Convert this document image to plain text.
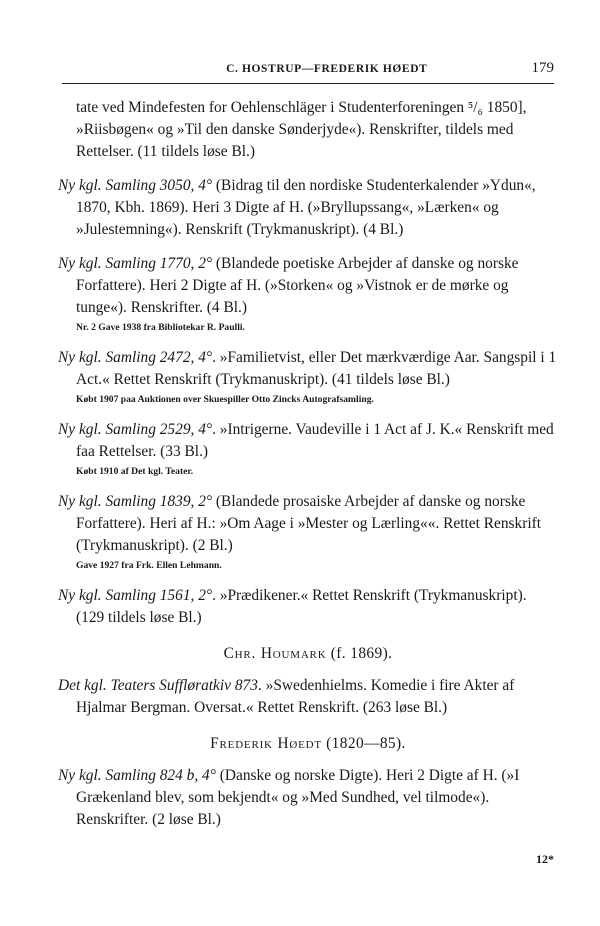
C. HOSTRUP—FREDERIK HØEDT	179

tate ved Mindefesten for Oehlenschläger i Studenterforeningen ⁵/₆ 1850], »Riisbøgen« og »Til den danske Sønderjyde«). Renskrifter, tildels med Rettelser. (11 tildels løse Bl.)

Ny kgl. Samling 3050, 4° (Bidrag til den nordiske Studenterkalender »Ydun«, 1870, Kbh. 1869). Heri 3 Digte af H. (»Bryllupssang«, »Lærken« og »Julestemning«). Renskrift (Trykmanuskript). (4 Bl.)

Ny kgl. Samling 1770, 2° (Blandede poetiske Arbejder af danske og norske Forfattere). Heri 2 Digte af H. (»Storken« og »Vistnok er de mørke og tunge«). Renskrifter. (4 Bl.)

Nr. 2 Gave 1938 fra Bibliotekar R. Paulli.

Ny kgl. Samling 2472, 4°. »Familietvist, eller Det mærkværdige Aar. Sangspil i 1 Act.« Rettet Renskrift (Trykmanuskript). (41 tildels løse Bl.)

Købt 1907 paa Auktionen over Skuespiller Otto Zincks Autografsamling.

Ny kgl. Samling 2529, 4°. »Intrigerne. Vaudeville i 1 Act af J. K.« Renskrift med faa Rettelser. (33 Bl.)

Købt 1910 af Det kgl. Teater.

Ny kgl. Samling 1839, 2° (Blandede prosaiske Arbejder af danske og norske Forfattere). Heri af H.: »Om Aage i »Mester og Lærling««. Rettet Renskrift (Trykmanuskript). (2 Bl.)

Gave 1927 fra Frk. Ellen Lehmann.

Ny kgl. Samling 1561, 2°. »Prædikener.« Rettet Renskrift (Trykmanuskript). (129 tildels løse Bl.)

Chr. Houmark (f. 1869).

Det kgl. Teaters Suffløratkiv 873. »Swedenhielms. Komedie i fire Akter af Hjalmar Bergman. Oversat.« Rettet Renskrift. (263 løse Bl.)

Frederik Høedt (1820—85).

Ny kgl. Samling 824 b, 4° (Danske og norske Digte). Heri 2 Digte af H. (»I Grækenland blev, som bekjendt« og »Med Sundhed, vel tilmode«). Renskrifter. (2 løse Bl.)

12*
